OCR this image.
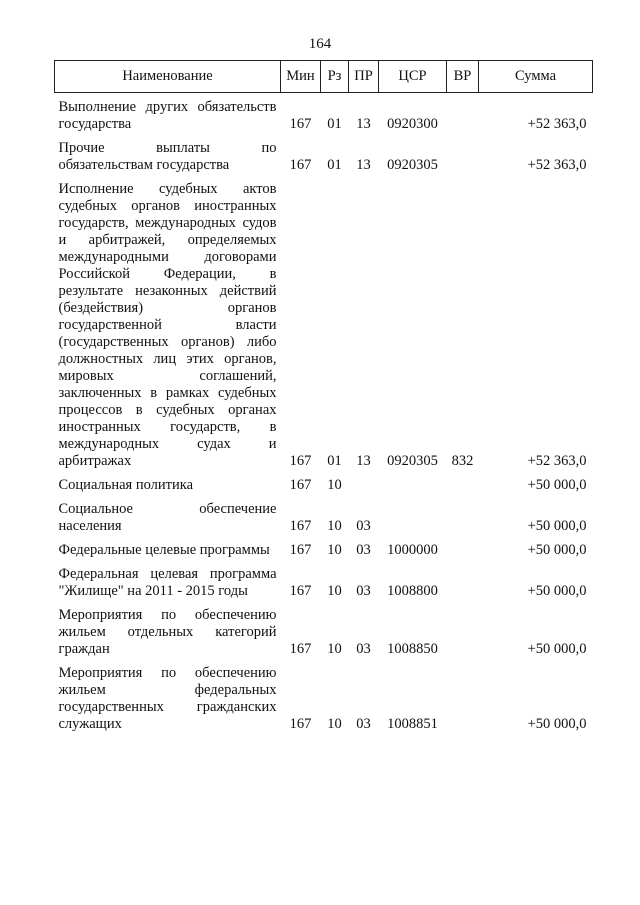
164
Наименование	Мин	Рз	ПР	ЦСР	ВР	Сумма
Выполнение других обязательств государства	167	01	13	0920300		+52 363,0
Прочие выплаты по обязательствам государства	167	01	13	0920305		+52 363,0
Исполнение судебных актов судебных органов иностранных государств, международных судов и арбитражей, определяемых международными договорами Российской Федерации, в результате незаконных действий (бездействия) органов государственной власти (государственных органов) либо должностных лиц этих органов, мировых соглашений, заключенных в рамках судебных процессов в судебных органах иностранных государств, в международных судах и арбитражах	167	01	13	0920305	832	+52 363,0
Социальная политика	167	10				+50 000,0
Социальное обеспечение населения	167	10	03			+50 000,0
Федеральные целевые программы	167	10	03	1000000		+50 000,0
Федеральная целевая программа "Жилище" на 2011 - 2015 годы	167	10	03	1008800		+50 000,0
Мероприятия по обеспечению жильем отдельных категорий граждан	167	10	03	1008850		+50 000,0
Мероприятия по обеспечению жильем федеральных государственных гражданских служащих	167	10	03	1008851		+50 000,0
